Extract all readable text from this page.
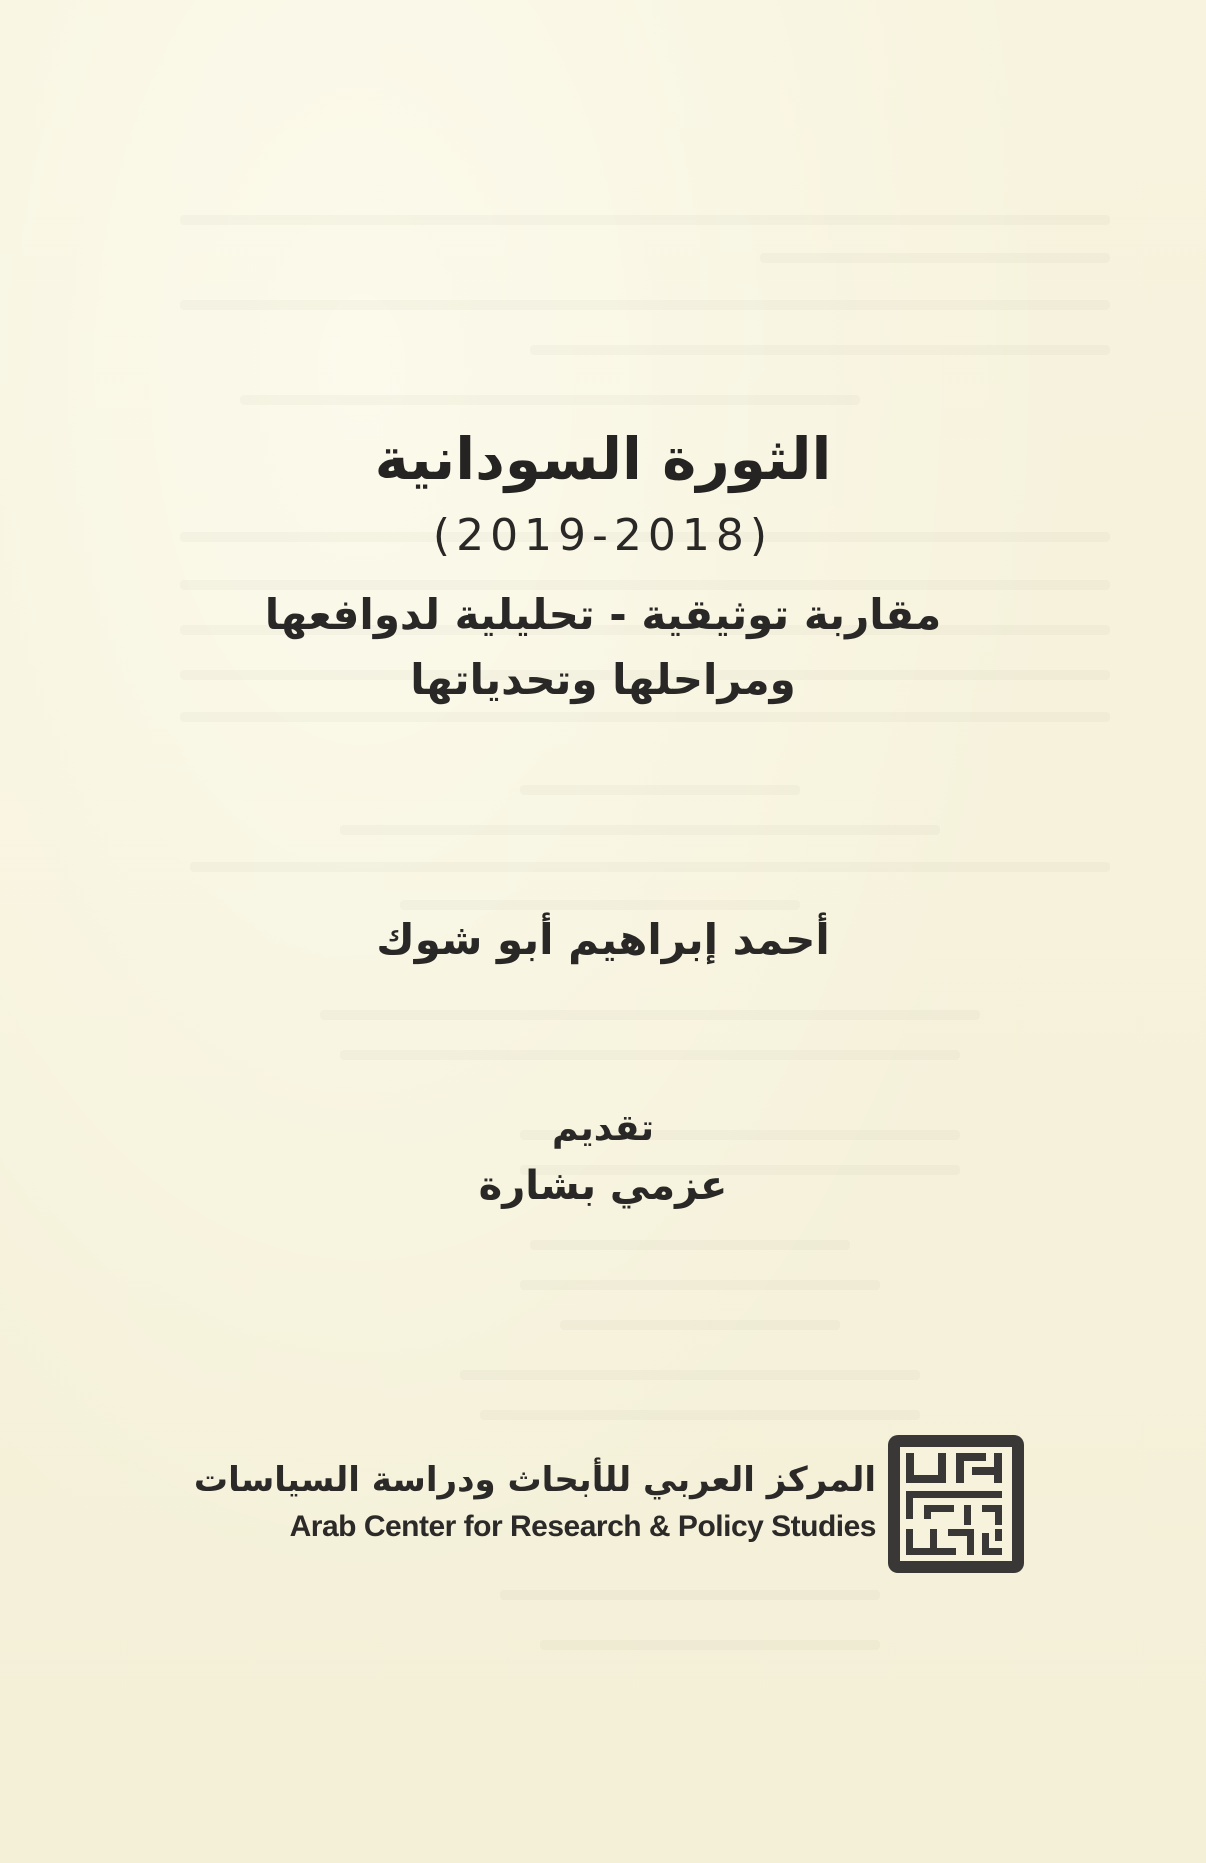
الثورة السودانية
(2019-2018)
مقاربة توثيقية - تحليلية لدوافعها
ومراحلها وتحدياتها
أحمد إبراهيم أبو شوك
تقديم
عزمي بشارة
المركز العربي للأبحاث ودراسة السياسات
Arab Center for Research & Policy Studies
